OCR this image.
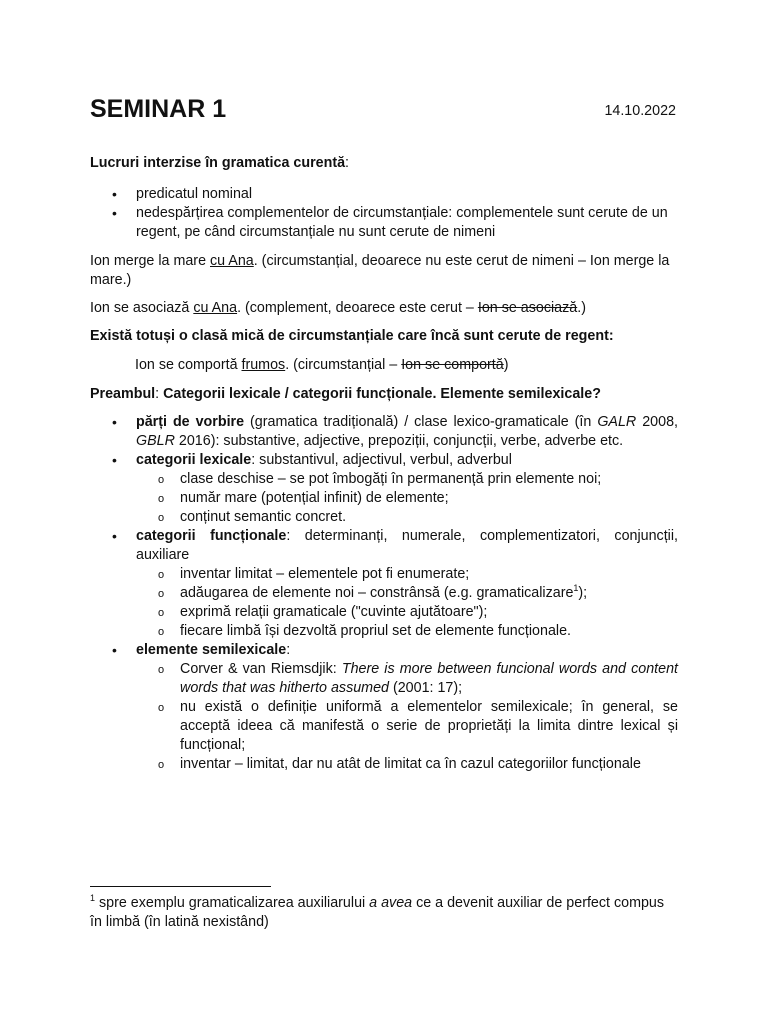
SEMINAR 1	14.10.2022

Lucruri interzise în gramatica curentă:

• predicatul nominal
• nedespărțirea complementelor de circumstanțiale: complementele sunt cerute de un regent, pe când circumstanțiale nu sunt cerute de nimeni

Ion merge la mare cu Ana. (circumstanțial, deoarece nu este cerut de nimeni – Ion merge la mare.)

Ion se asociază cu Ana. (complement, deoarece este cerut – Ion se asociază.)

Există totuși o clasă mică de circumstanțiale care încă sunt cerute de regent:

Ion se comportă frumos. (circumstanțial – Ion se comportă)

Preambul: Categorii lexicale / categorii funcționale. Elemente semilexicale?

• părți de vorbire (gramatica tradițională) / clase lexico-gramaticale (în GALR 2008, GBLR 2016): substantive, adjective, prepoziții, conjuncții, verbe, adverbe etc.
• categorii lexicale: substantivul, adjectivul, verbul, adverbul
o clase deschise – se pot îmbogăți în permanență prin elemente noi;
o număr mare (potențial infinit) de elemente;
o conținut semantic concret.
• categorii funcționale: determinanți, numerale, complementizatori, conjuncții, auxiliare
o inventar limitat – elementele pot fi enumerate;
o adăugarea de elemente noi – constrânsă (e.g. gramaticalizare$^1$);
o exprimă relații gramaticale ("cuvinte ajutătoare");
o fiecare limbă își dezvoltă propriul set de elemente funcționale.
• elemente semilexicale:
o Corver & van Riemsdjik: There is more between funcional words and content words that was hitherto assumed (2001: 17);
o nu există o definiție uniformă a elementelor semilexicale; în general, se acceptă ideea că manifestă o serie de proprietăți la limita dintre lexical și funcțional;
o inventar – limitat, dar nu atât de limitat ca în cazul categoriilor funcționale

$^1$ spre exemplu gramaticalizarea auxiliarului a avea ce a devenit auxiliar de perfect compus în limbă (în latină nexistând)
